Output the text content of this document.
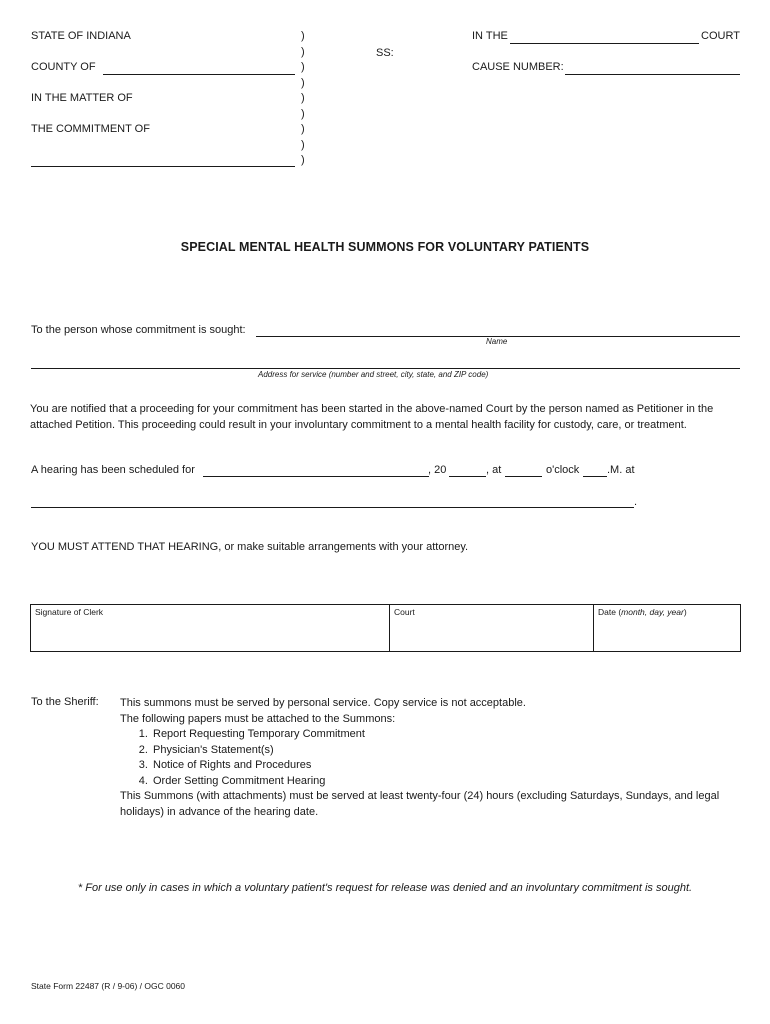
STATE OF INDIANA
COUNTY OF
IN THE MATTER OF
THE COMMITMENT OF
)
)
)
)
)
)
)
)
)
SS:
IN THE	COURT
CAUSE NUMBER:
SPECIAL MENTAL HEALTH SUMMONS FOR VOLUNTARY PATIENTS
To the person whose commitment is sought:
Name
Address for service (number and street, city, state, and ZIP code)
You are notified that a proceeding for your commitment has been started in the above-named Court by the person named as Petitioner in the attached Petition. This proceeding could result in your involuntary commitment to a mental health facility for custody, care, or treatment.
A hearing has been scheduled for	, 20	, at	o'clock	.M. at
.
YOU MUST ATTEND THAT HEARING, or make suitable arrangements with your attorney.
Signature of Clerk	Court	Date (month, day, year)
To the Sheriff: This summons must be served by personal service. Copy service is not acceptable.
The following papers must be attached to the Summons:
1. Report Requesting Temporary Commitment
2. Physician's Statement(s)
3. Notice of Rights and Procedures
4. Order Setting Commitment Hearing
This Summons (with attachments) must be served at least twenty-four (24) hours (excluding Saturdays, Sundays, and legal holidays) in advance of the hearing date.
* For use only in cases in which a voluntary patient's request for release was denied and an involuntary commitment is sought.
State Form 22487 (R / 9-06) / OGC 0060
